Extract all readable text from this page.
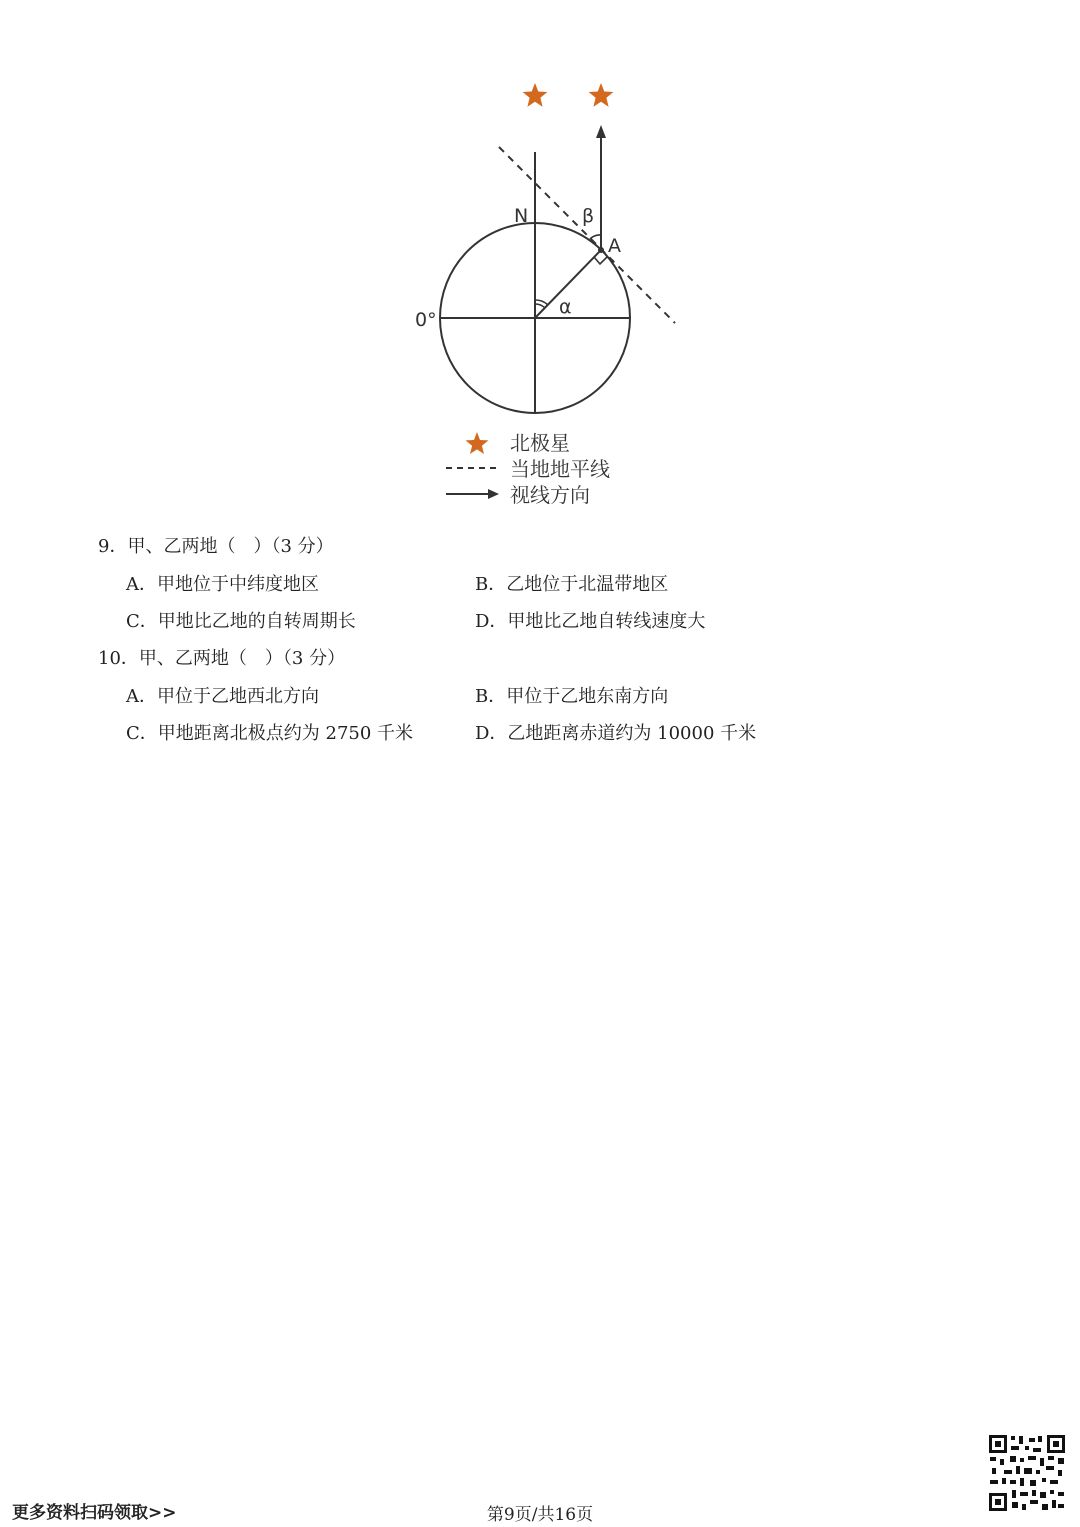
N
A
β
α
0°
北极星
当地地平线
视线方向
9．甲、乙两地（　）（3 分）
A．甲地位于中纬度地区	B．乙地位于北温带地区
C．甲地比乙地的自转周期长	D．甲地比乙地自转线速度大
10．甲、乙两地（　）（3 分）
A．甲位于乙地西北方向	B．甲位于乙地东南方向
C．甲地距离北极点约为 2750 千米	D．乙地距离赤道约为 10000 千米
更多资料扫码领取>>	第9页/共16页
